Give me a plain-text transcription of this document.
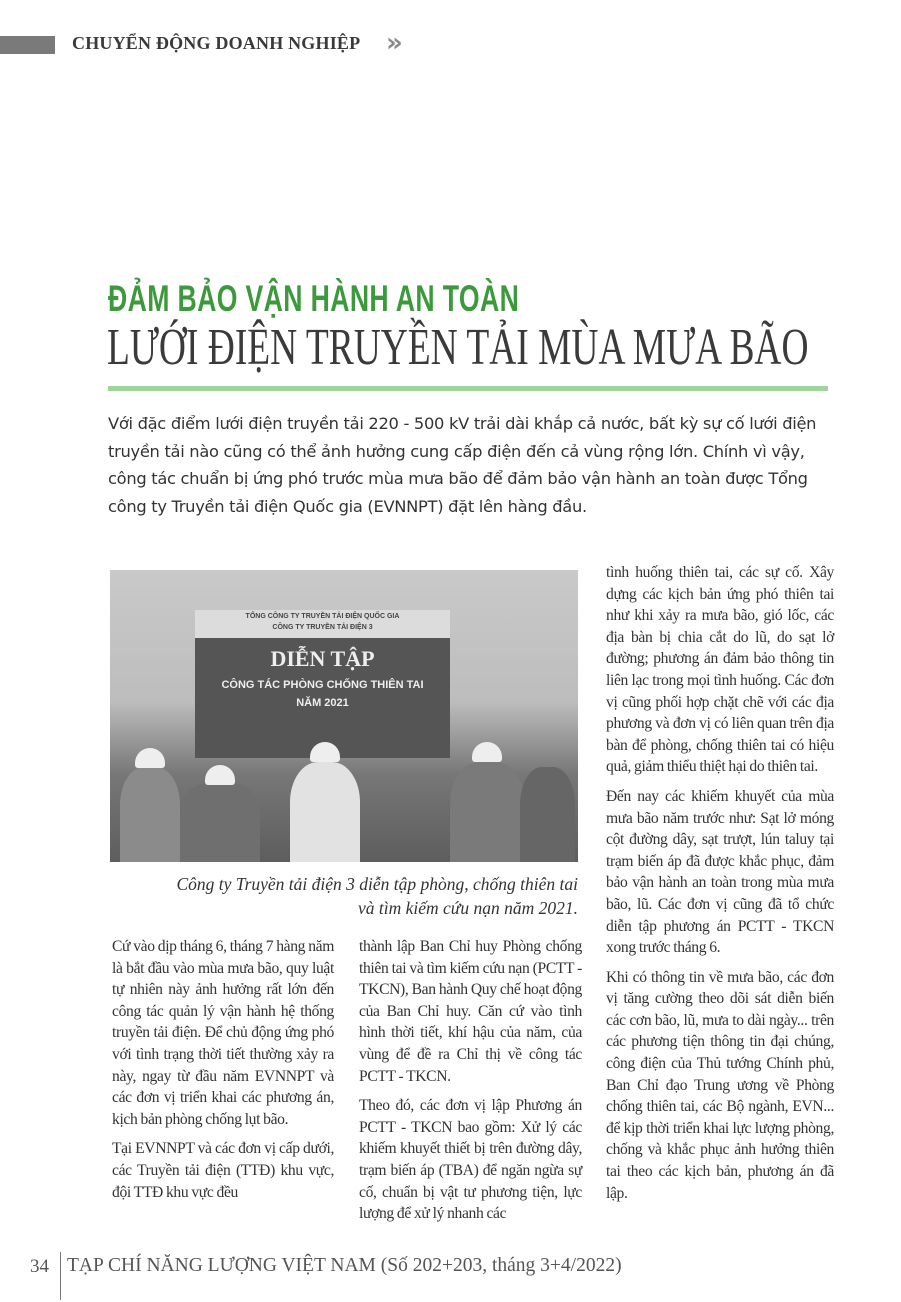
CHUYỂN ĐỘNG DOANH NGHIỆP »
ĐẢM BẢO VẬN HÀNH AN TOÀN
LƯỚI ĐIỆN TRUYỀN TẢI MÙA MƯA BÃO
Với đặc điểm lưới điện truyền tải 220 - 500 kV trải dài khắp cả nước, bất kỳ sự cố lưới điện truyền tải nào cũng có thể ảnh hưởng cung cấp điện đến cả vùng rộng lớn. Chính vì vậy, công tác chuẩn bị ứng phó trước mùa mưa bão để đảm bảo vận hành an toàn được Tổng công ty Truyền tải điện Quốc gia (EVNNPT) đặt lên hàng đầu.
TỔNG CÔNG TY TRUYỀN TẢI ĐIỆN QUỐC GIA
CÔNG TY TRUYỀN TẢI ĐIỆN 3
DIỄN TẬP
CÔNG TÁC PHÒNG CHỐNG THIÊN TAI
NĂM 2021
Công ty Truyền tải điện 3 diễn tập phòng, chống thiên tai
và tìm kiếm cứu nạn năm 2021.

Cứ vào dịp tháng 6, tháng 7 hàng năm là bắt đầu vào mùa mưa bão, quy luật tự nhiên này ảnh hưởng rất lớn đến công tác quản lý vận hành hệ thống truyền tải điện. Để chủ động ứng phó với tình trạng thời tiết thường xảy ra này, ngay từ đầu năm EVNNPT và các đơn vị triển khai các phương án, kịch bản phòng chống lụt bão.

Tại EVNNPT và các đơn vị cấp dưới, các Truyền tải điện (TTĐ) khu vực, đội TTĐ khu vực đều

thành lập Ban Chỉ huy Phòng chống thiên tai và tìm kiếm cứu nạn (PCTT - TKCN), Ban hành Quy chế hoạt động của Ban Chỉ huy. Căn cứ vào tình hình thời tiết, khí hậu của năm, của vùng để đề ra Chỉ thị về công tác PCTT - TKCN.

Theo đó, các đơn vị lập Phương án PCTT - TKCN bao gồm: Xử lý các khiếm khuyết thiết bị trên đường dây, trạm biến áp (TBA) để ngăn ngừa sự cố, chuẩn bị vật tư phương tiện, lực lượng để xử lý nhanh các

tình huống thiên tai, các sự cố. Xây dựng các kịch bản ứng phó thiên tai như khi xảy ra mưa bão, gió lốc, các địa bàn bị chia cắt do lũ, do sạt lở đường; phương án đảm bảo thông tin liên lạc trong mọi tình huống. Các đơn vị cũng phối hợp chặt chẽ với các địa phương và đơn vị có liên quan trên địa bàn để phòng, chống thiên tai có hiệu quả, giảm thiểu thiệt hại do thiên tai.

Đến nay các khiếm khuyết của mùa mưa bão năm trước như: Sạt lở móng cột đường dây, sạt trượt, lún taluy tại trạm biến áp đã được khắc phục, đảm bảo vận hành an toàn trong mùa mưa bão, lũ. Các đơn vị cũng đã tổ chức diễn tập phương án PCTT - TKCN xong trước tháng 6.

Khi có thông tin về mưa bão, các đơn vị tăng cường theo dõi sát diễn biến các cơn bão, lũ, mưa to dài ngày... trên các phương tiện thông tin đại chúng, công điện của Thủ tướng Chính phủ, Ban Chỉ đạo Trung ương về Phòng chống thiên tai, các Bộ ngành, EVN... để kịp thời triển khai lực lượng phòng, chống và khắc phục ảnh hưởng thiên tai theo các kịch bản, phương án đã lập.

34 TẠP CHÍ NĂNG LƯỢNG VIỆT NAM (Số 202+203, tháng 3+4/2022)
